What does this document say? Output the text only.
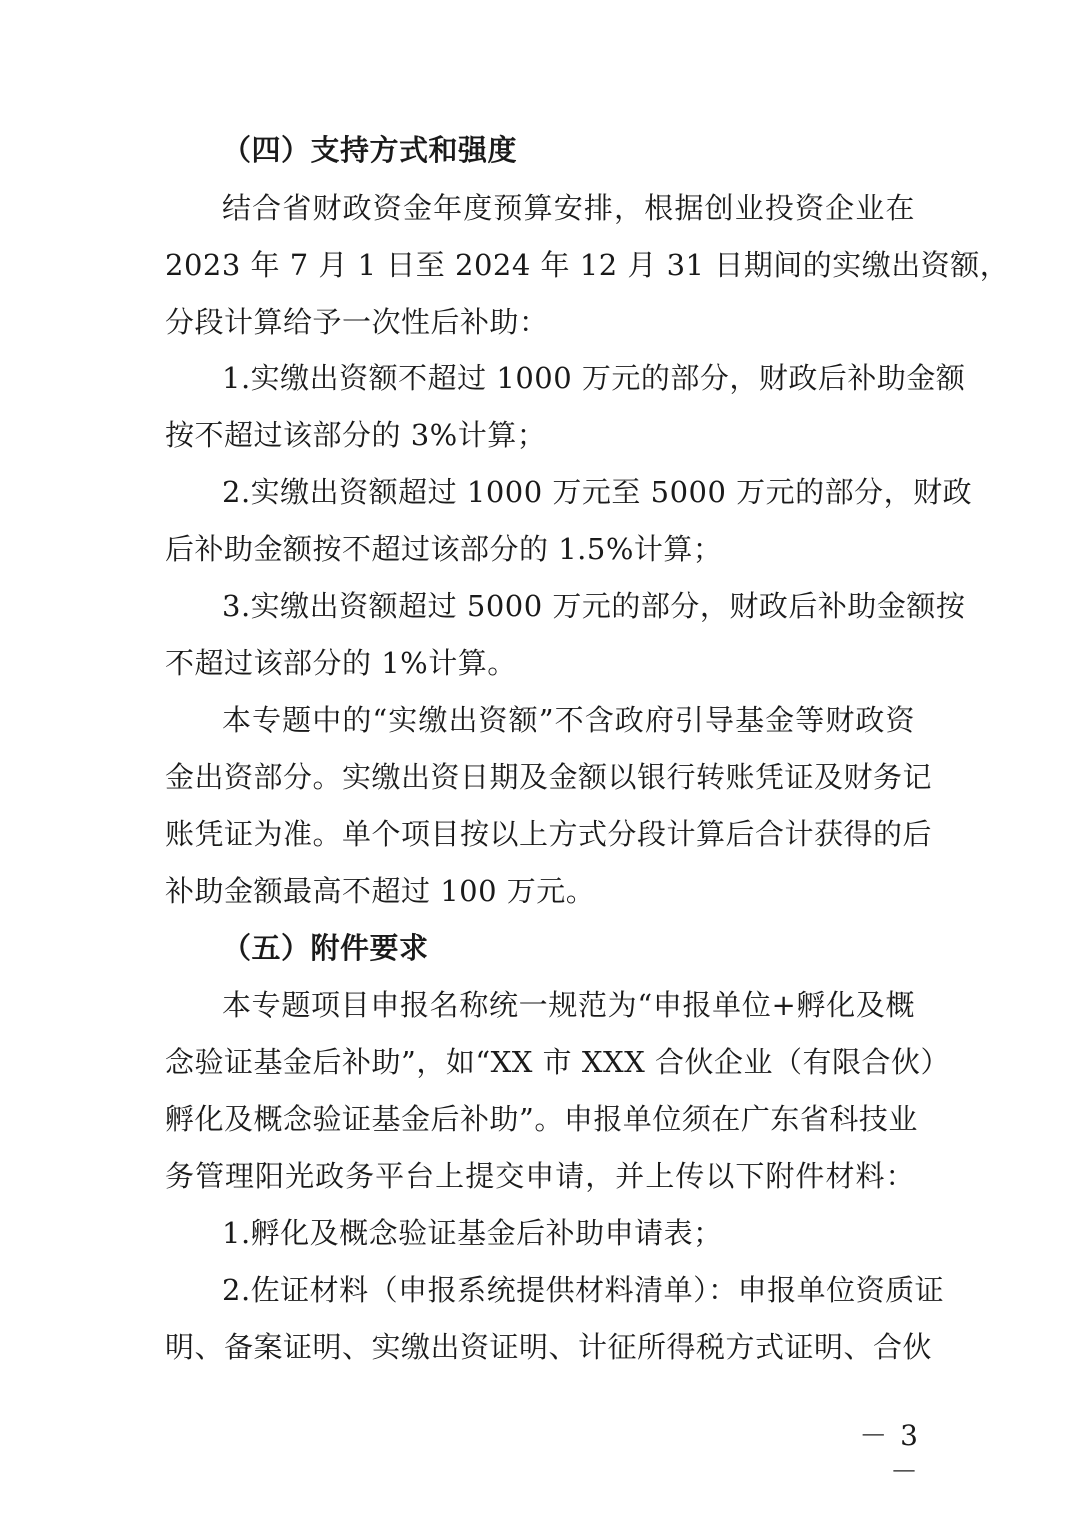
（四）支持方式和强度
结合省财政资金年度预算安排，根据创业投资企业在
2023 年 7 月 1 日至 2024 年 12 月 31 日期间的实缴出资额，
分段计算给予一次性后补助：
1.实缴出资额不超过 1000 万元的部分，财政后补助金额
按不超过该部分的 3%计算；
2.实缴出资额超过 1000 万元至 5000 万元的部分，财政
后补助金额按不超过该部分的 1.5%计算；
3.实缴出资额超过 5000 万元的部分，财政后补助金额按
不超过该部分的 1%计算。
本专题中的“实缴出资额”不含政府引导基金等财政资
金出资部分。实缴出资日期及金额以银行转账凭证及财务记
账凭证为准。单个项目按以上方式分段计算后合计获得的后
补助金额最高不超过 100 万元。
（五）附件要求
本专题项目申报名称统一规范为“申报单位+孵化及概
念验证基金后补助”，如“XX 市 XXX 合伙企业（有限合伙）
孵化及概念验证基金后补助”。申报单位须在广东省科技业
务管理阳光政务平台上提交申请，并上传以下附件材料：
1.孵化及概念验证基金后补助申请表；
2.佐证材料（申报系统提供材料清单）：申报单位资质证
明、备案证明、实缴出资证明、计征所得税方式证明、合伙
－ 3 －
